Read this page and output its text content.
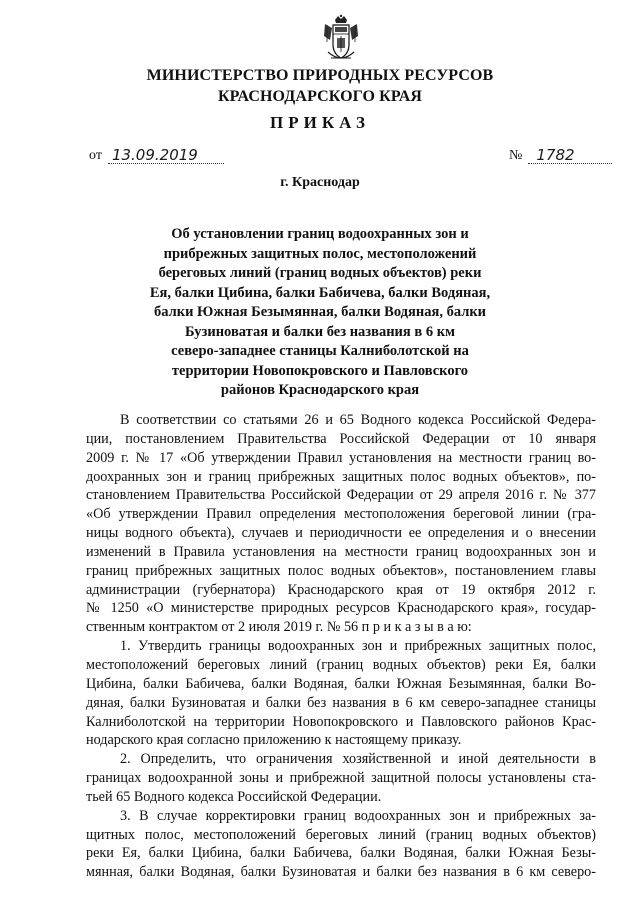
МИНИСТЕРСТВО ПРИРОДНЫХ РЕСУРСОВ
КРАСНОДАРСКОГО КРАЯ
ПРИКАЗ
от 13.09.2019	№ 1782
г. Краснодар
Об установлении границ водоохранных зон и
прибрежных защитных полос, местоположений
береговых линий (границ водных объектов) реки
Ея, балки Цибина, балки Бабичева, балки Водяная,
балки Южная Безымянная, балки Водяная, балки
Бузиноватая и балки без названия в 6 км
северо-западнее станицы Калниболотской на
территории Новопокровского и Павловского
районов Краснодарского края
В соответствии со статьями 26 и 65 Водного кодекса Российской Федера-
ции, постановлением Правительства Российской Федерации от 10 января
2009 г. № 17 «Об утверждении Правил установления на местности границ во-
доохранных зон и границ прибрежных защитных полос водных объектов», по-
становлением Правительства Российской Федерации от 29 апреля 2016 г. № 377
«Об утверждении Правил определения местоположения береговой линии (гра-
ницы водного объекта), случаев и периодичности ее определения и о внесении
изменений в Правила установления на местности границ водоохранных зон и
границ прибрежных защитных полос водных объектов», постановлением главы
администрации (губернатора) Краснодарского края от 19 октября 2012 г.
№ 1250 «О министерстве природных ресурсов Краснодарского края», государ-
ственным контрактом от 2 июля 2019 г. № 56 п р и к а з ы в а ю:
1. Утвердить границы водоохранных зон и прибрежных защитных полос,
местоположений береговых линий (границ водных объектов) реки Ея, балки
Цибина, балки Бабичева, балки Водяная, балки Южная Безымянная, балки Во-
дяная, балки Бузиноватая и балки без названия в 6 км северо-западнее станицы
Калниболотской на территории Новопокровского и Павловского районов Крас-
нодарского края согласно приложению к настоящему приказу.
2. Определить, что ограничения хозяйственной и иной деятельности в
границах водоохранной зоны и прибрежной защитной полосы установлены ста-
тьей 65 Водного кодекса Российской Федерации.
3. В случае корректировки границ водоохранных зон и прибрежных за-
щитных полос, местоположений береговых линий (границ водных объектов)
реки Ея, балки Цибина, балки Бабичева, балки Водяная, балки Южная Безы-
мянная, балки Водяная, балки Бузиноватая и балки без названия в 6 км северо-
